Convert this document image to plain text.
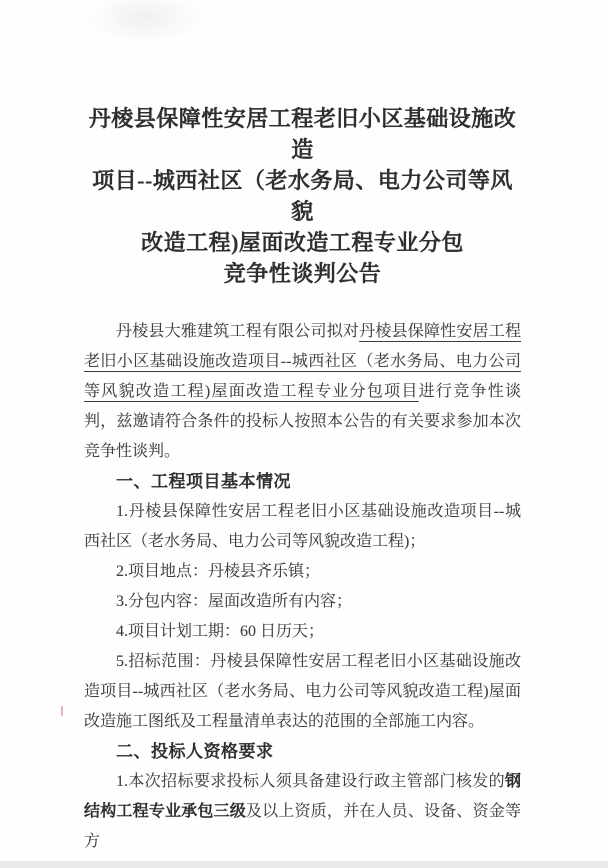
丹棱县保障性安居工程老旧小区基础设施改造
项目--城西社区（老水务局、电力公司等风貌
改造工程)屋面改造工程专业分包
竞争性谈判公告

丹棱县大雅建筑工程有限公司拟对丹棱县保障性安居工程老旧小区基础设施改造项目--城西社区（老水务局、电力公司等风貌改造工程)屋面改造工程专业分包项目进行竞争性谈判，兹邀请符合条件的投标人按照本公告的有关要求参加本次竞争性谈判。

一、工程项目基本情况

1.丹棱县保障性安居工程老旧小区基础设施改造项目--城西社区（老水务局、电力公司等风貌改造工程)；

2.项目地点：丹棱县齐乐镇；

3.分包内容：屋面改造所有内容；

4.项目计划工期：60 日历天；

5.招标范围：丹棱县保障性安居工程老旧小区基础设施改造项目--城西社区（老水务局、电力公司等风貌改造工程)屋面改造施工图纸及工程量清单表达的范围的全部施工内容。

二、投标人资格要求

1.本次招标要求投标人须具备建设行政主管部门核发的钢结构工程专业承包三级及以上资质，并在人员、设备、资金等方
